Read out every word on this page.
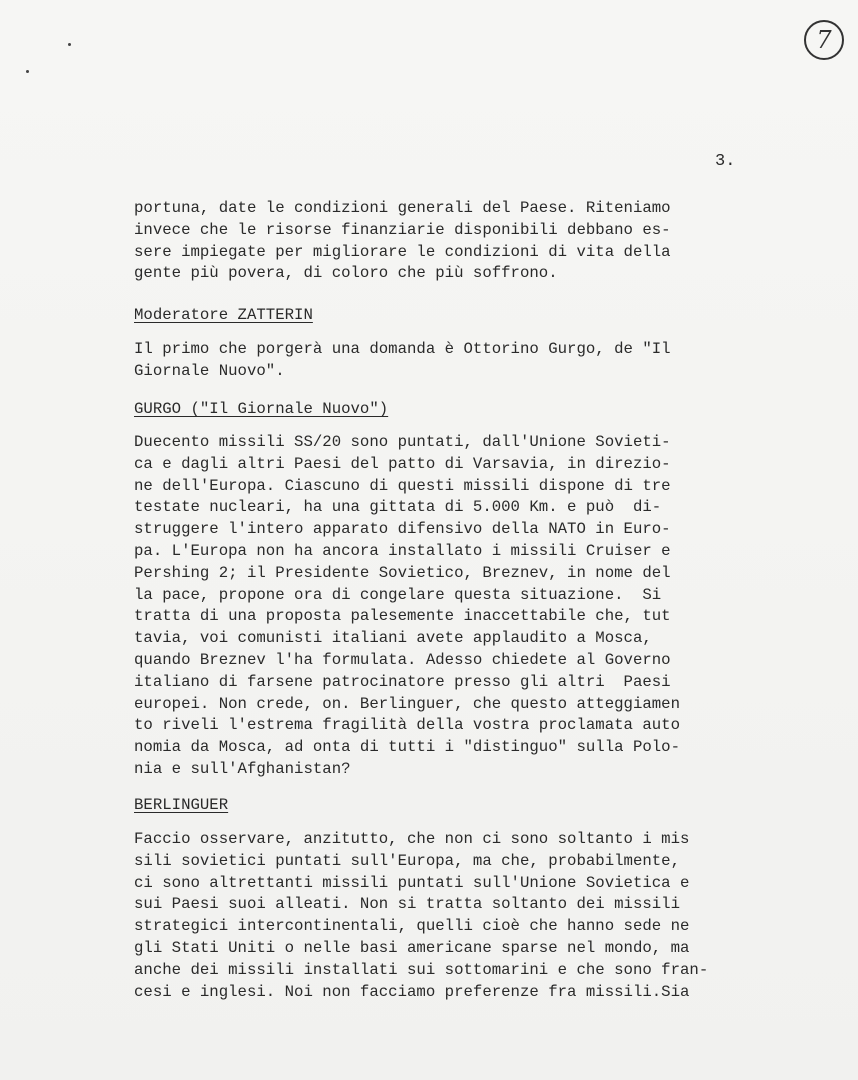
7
3.
portuna, date le condizioni generali del Paese. Riteniamo
invece che le risorse finanziarie disponibili debbano es-
sere impiegate per migliorare le condizioni di vita della
gente più povera, di coloro che più soffrono.
Moderatore ZATTERIN
Il primo che porgerà una domanda è Ottorino Gurgo, de "Il
Giornale Nuovo".
GURGO ("Il Giornale Nuovo")
Duecento missili SS/20 sono puntati, dall'Unione Sovieti-
ca e dagli altri Paesi del patto di Varsavia, in direzio-
ne dell'Europa. Ciascuno di questi missili dispone di tre
testate nucleari, ha una gittata di 5.000 Km. e può  di-
struggere l'intero apparato difensivo della NATO in Euro-
pa. L'Europa non ha ancora installato i missili Cruiser e
Pershing 2; il Presidente Sovietico, Breznev, in nome del
la pace, propone ora di congelare questa situazione.  Si
tratta di una proposta palesemente inaccettabile che, tut
tavia, voi comunisti italiani avete applaudito a Mosca,
quando Breznev l'ha formulata. Adesso chiedete al Governo
italiano di farsene patrocinatore presso gli altri  Paesi
europei. Non crede, on. Berlinguer, che questo atteggiamen
to riveli l'estrema fragilità della vostra proclamata auto
nomia da Mosca, ad onta di tutti i "distinguo" sulla Polo-
nia e sull'Afghanistan?
BERLINGUER
Faccio osservare, anzitutto, che non ci sono soltanto i mis
sili sovietici puntati sull'Europa, ma che, probabilmente,
ci sono altrettanti missili puntati sull'Unione Sovietica e
sui Paesi suoi alleati. Non si tratta soltanto dei missili
strategici intercontinentali, quelli cioè che hanno sede ne
gli Stati Uniti o nelle basi americane sparse nel mondo, ma
anche dei missili installati sui sottomarini e che sono fran-
cesi e inglesi. Noi non facciamo preferenze fra missili.Sia
